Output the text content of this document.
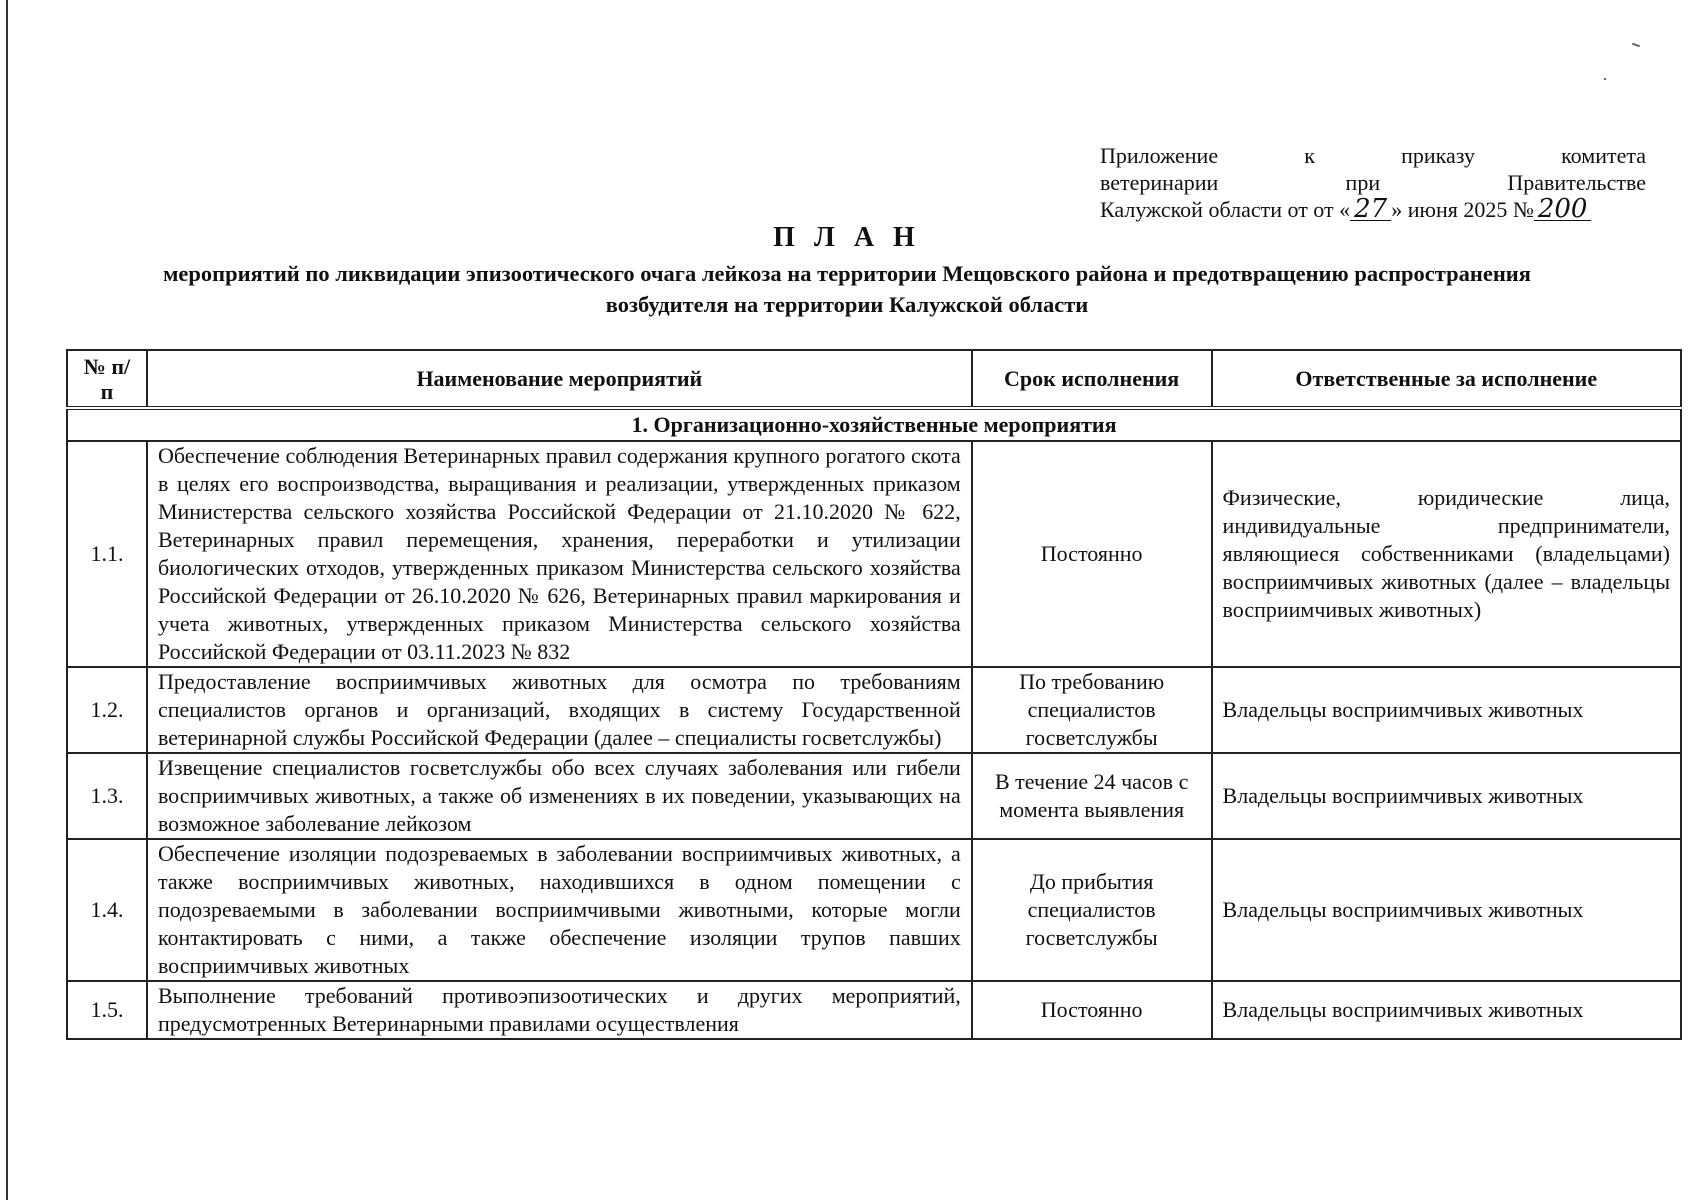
Приложение к приказу комитета
ветеринарии при Правительстве
Калужской области от от « 27 » июня 2025 № 200
П Л А Н
мероприятий по ликвидации эпизоотического очага лейкоза на территории Мещовского района и предотвращению распространения возбудителя на территории Калужской области
№ п/п	Наименование мероприятий	Срок исполнения	Ответственные за исполнение
1. Организационно-хозяйственные мероприятия			
1.1.	Обеспечение соблюдения Ветеринарных правил содержания крупного рогатого скота в целях его воспроизводства, выращивания и реализации, утвержденных приказом Министерства сельского хозяйства Российской Федерации от 21.10.2020 № 622, Ветеринарных правил перемещения, хранения, переработки и утилизации биологических отходов, утвержденных приказом Министерства сельского хозяйства Российской Федерации от 26.10.2020 № 626, Ветеринарных правил маркирования и учета животных, утвержденных приказом Министерства сельского хозяйства Российской Федерации от 03.11.2023 № 832	Постоянно	Физические, юридические лица, индивидуальные предприниматели, являющиеся собственниками (владельцами) восприимчивых животных (далее – владельцы восприимчивых животных)
1.2.	Предоставление восприимчивых животных для осмотра по требованиям специалистов органов и организаций, входящих в систему Государственной ветеринарной службы Российской Федерации (далее – специалисты госветслужбы)	По требованию специалистов госветслужбы	Владельцы восприимчивых животных
1.3.	Извещение специалистов госветслужбы обо всех случаях заболевания или гибели восприимчивых животных, а также об изменениях в их поведении, указывающих на возможное заболевание лейкозом	В течение 24 часов с момента выявления	Владельцы восприимчивых животных
1.4.	Обеспечение изоляции подозреваемых в заболевании восприимчивых животных, а также восприимчивых животных, находившихся в одном помещении с подозреваемыми в заболевании восприимчивыми животными, которые могли контактировать с ними, а также обеспечение изоляции трупов павших восприимчивых животных	До прибытия специалистов госветслужбы	Владельцы восприимчивых животных
1.5.	Выполнение требований противоэпизоотических и других мероприятий, предусмотренных Ветеринарными правилами осуществления	Постоянно	Владельцы восприимчивых животных
